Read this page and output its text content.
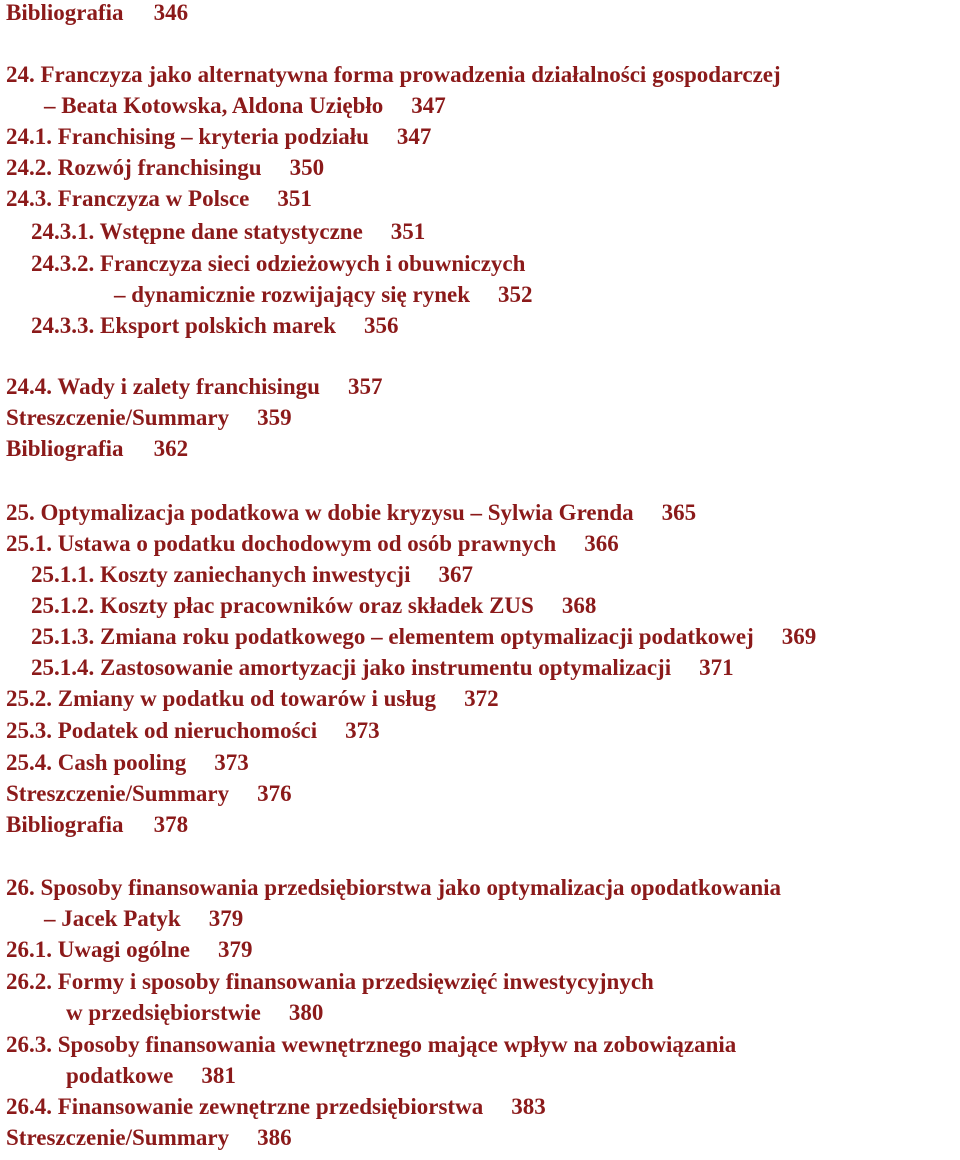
Bibliografia 346
24. Franczyza jako alternatywna forma prowadzenia działalności gospodarczej
– Beata Kotowska, Aldona Uziębło 347
24.1. Franchising – kryteria podziału 347
24.2. Rozwój franchisingu 350
24.3. Franczyza w Polsce 351
24.3.1. Wstępne dane statystyczne 351
24.3.2. Franczyza sieci odzieżowych i obuwniczych
– dynamicznie rozwijający się rynek 352
24.3.3. Eksport polskich marek 356
24.4. Wady i zalety franchisingu 357
Streszczenie/Summary 359
Bibliografia 362
25. Optymalizacja podatkowa w dobie kryzysu – Sylwia Grenda 365
25.1. Ustawa o podatku dochodowym od osób prawnych 366
25.1.1. Koszty zaniechanych inwestycji 367
25.1.2. Koszty płac pracowników oraz składek ZUS 368
25.1.3. Zmiana roku podatkowego – elementem optymalizacji podatkowej 369
25.1.4. Zastosowanie amortyzacji jako instrumentu optymalizacji 371
25.2. Zmiany w podatku od towarów i usług 372
25.3. Podatek od nieruchomości 373
25.4. Cash pooling 373
Streszczenie/Summary 376
Bibliografia 378
26. Sposoby finansowania przedsiębiorstwa jako optymalizacja opodatkowania
– Jacek Patyk 379
26.1. Uwagi ogólne 379
26.2. Formy i sposoby finansowania przedsięwzięć inwestycyjnych
w przedsiębiorstwie 380
26.3. Sposoby finansowania wewnętrznego mające wpływ na zobowiązania
podatkowe 381
26.4. Finansowanie zewnętrzne przedsiębiorstwa 383
Streszczenie/Summary 386
